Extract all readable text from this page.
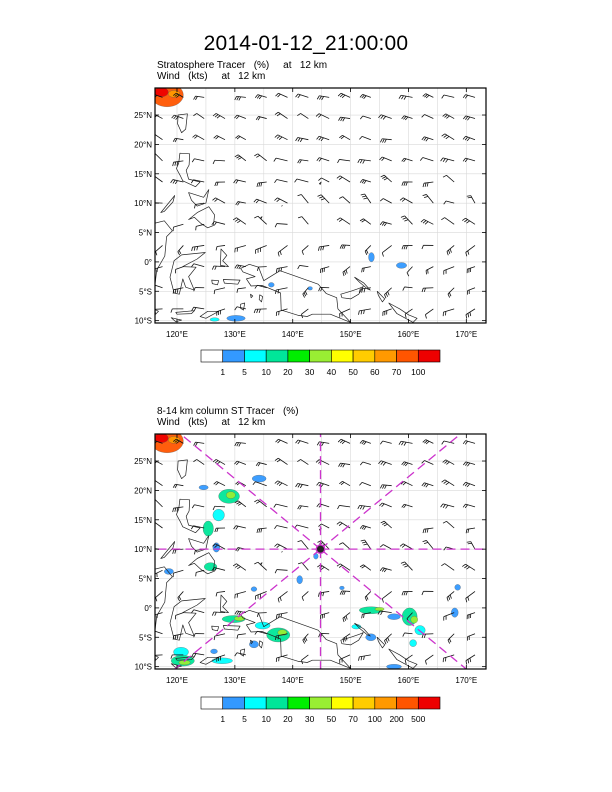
2014-01-12_21:00:00
Stratosphere Tracer   (%)     at   12 km
Wind   (kts)     at   12 km
8-14 km column ST Tracer   (%)
Wind   (kts)     at   12 km
25°N
20°N
15°N
10°N
5°N
0°
5°S
10°S
120°E	130°E	140°E	150°E	160°E	170°E
1 5 10 20 30 40 50 60 70 100
25°N
20°N
15°N
10°N
5°N
0°
5°S
10°S
120°E	130°E	140°E	150°E	160°E	170°E
1 5 10 20 30 50 70 100 200 500
